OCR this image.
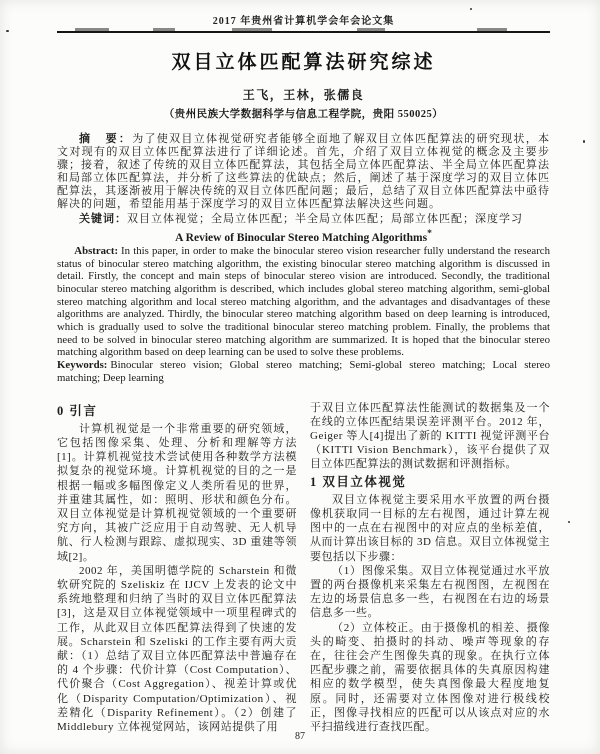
2017 年贵州省计算机学会年会论文集
双目立体匹配算法研究综述
王飞，王林，张儒良
（贵州民族大学数据科学与信息工程学院，贵阳 550025）

摘　要：为了使双目立体视觉研究者能够全面地了解双目立体匹配算法的研究现状，本文对现有的双目立体匹配算法进行了详细论述。首先，介绍了双目立体视觉的概念及主要步骤；接着，叙述了传统的双目立体匹配算法，其包括全局立体匹配算法、半全局立体匹配算法和局部立体匹配算法，并分析了这些算法的优缺点；然后，阐述了基于深度学习的双目立体匹配算法，其逐渐被用于解决传统的双目立体匹配问题；最后，总结了双目立体匹配算法中亟待解决的问题，希望能用基于深度学习的双目立体匹配算法解决这些问题。

关键词：双目立体视觉；全局立体匹配；半全局立体匹配；局部立体匹配；深度学习

A Review of Binocular Stereo Matching Algorithms*

Abstract: In this paper, in order to make the binocular stereo vision researcher fully understand the research status of binocular stereo matching algorithm, the existing binocular stereo matching algorithm is discussed in detail. Firstly, the concept and main steps of binocular stereo vision are introduced. Secondly, the traditional binocular stereo matching algorithm is described, which includes global stereo matching algorithm, semi-global stereo matching algorithm and local stereo matching algorithm, and the advantages and disadvantages of these algorithms are analyzed. Thirdly, the binocular stereo matching algorithm based on deep learning is introduced, which is gradually used to solve the traditional binocular stereo matching problem. Finally, the problems that need to be solved in binocular stereo matching algorithm are summarized. It is hoped that the binocular stereo matching algorithm based on deep learning can be used to solve these problems.

Keywords: Binocular stereo vision; Global stereo matching; Semi-global stereo matching; Local stereo matching; Deep learning

0 引言

计算机视觉是一个非常重要的研究领域，它包括图像采集、处理、分析和理解等方法[1]。计算机视觉技术尝试使用各种数学方法模拟复杂的视觉环境。计算机视觉的目的之一是根据一幅或多幅图像定义人类所看见的世界，并重建其属性，如：照明、形状和颜色分布。双目立体视觉是计算机视觉领域的一个重要研究方向，其被广泛应用于自动驾驶、无人机导航、行人检测与跟踪、虚拟现实、3D 重建等领域[2]。

2002 年，美国明德学院的 Scharstein 和微软研究院的 Szeliskiz 在 IJCV 上发表的论文中系统地整理和归纳了当时的双目立体匹配算法[3]，这是双目立体视觉领域中一项里程碑式的工作，从此双目立体匹配算法得到了快速的发展。Scharstein 和 Szeliski 的工作主要有两大贡献：（1）总结了双目立体匹配算法中普遍存在的 4 个步骤：代价计算（Cost Computation）、代价聚合（Cost Aggregation）、视差计算或优化（Disparity Computation/Optimization）、视差精化（Disparity Refinement）。（2）创建了 Middlebury 立体视觉网站，该网站提供了用

于双目立体匹配算法性能测试的数据集及一个在线的立体匹配结果误差评测平台。2012 年，Geiger 等人[4]提出了新的 KITTI 视觉评测平台（KITTI Vision Benchmark），该平台提供了双目立体匹配算法的测试数据和评测指标。

1 双目立体视觉

双目立体视觉主要采用水平放置的两台摄像机获取同一目标的左右视图，通过计算左视图中的一点在右视图中的对应点的坐标差值，从而计算出该目标的 3D 信息。双目立体视觉主要包括以下步骤：

（1）图像采集。双目立体视觉通过水平放置的两台摄像机来采集左右视图图，左视图在左边的场景信息多一些，右视图在右边的场景信息多一些。

（2）立体校正。由于摄像机的相差、摄像头的畸变、拍摄时的抖动、噪声等现象的存在，往往会产生图像失真的现象。在执行立体匹配步骤之前，需要依据具体的失真原因构建相应的数学模型，使失真图像最大程度地复原。同时，还需要对立体图像对进行极线校正，图像寻找相应的匹配可以从该点对应的水平扫描线进行查找匹配。

87
